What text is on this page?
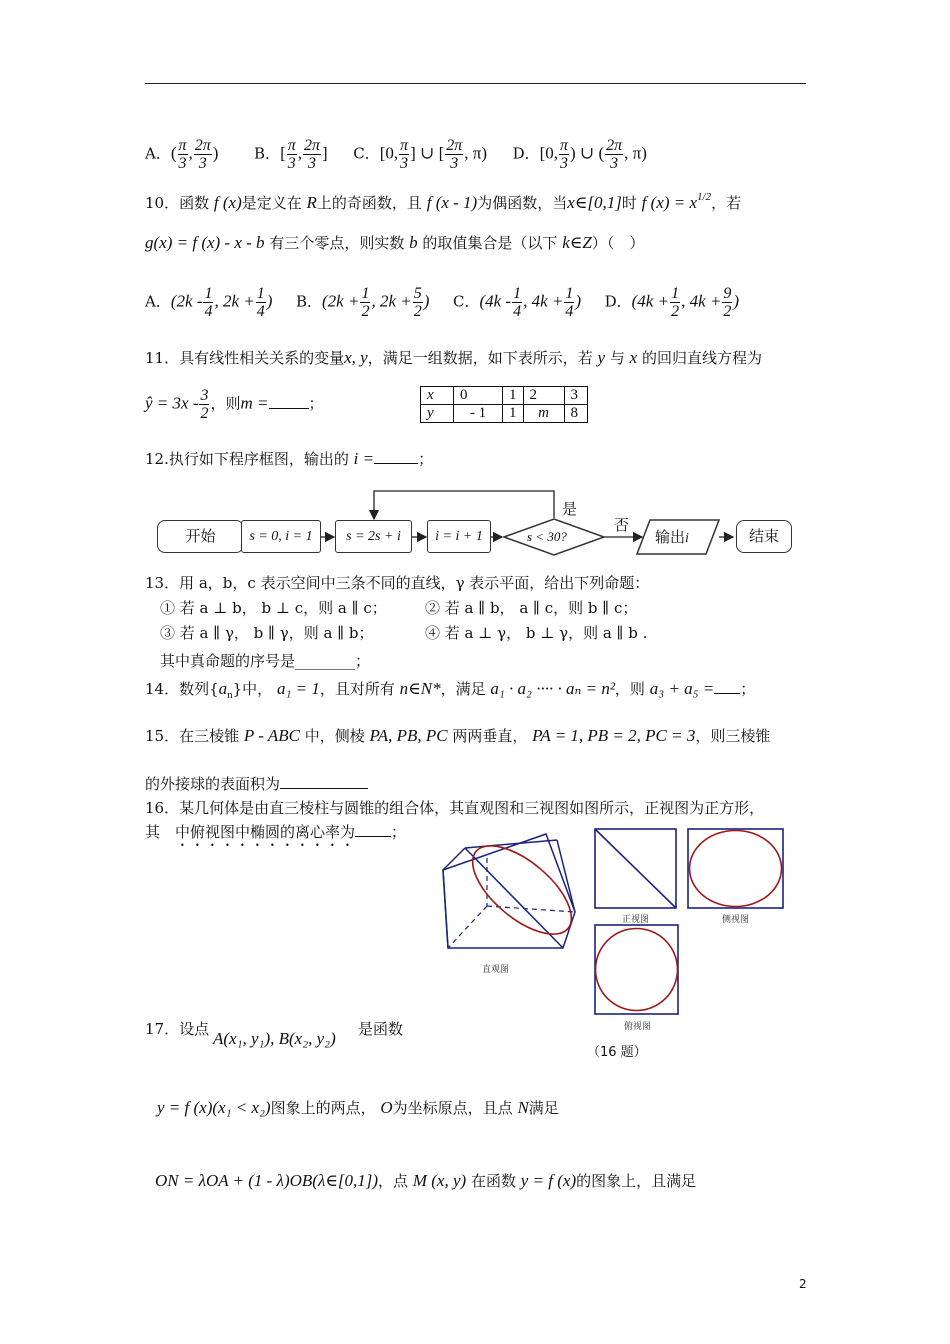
A．( $\frac{\pi}{3}$ , $\frac{2\pi}{3}$ ) B．[ $\frac{\pi}{3}$ , $\frac{2\pi}{3}$ ] C．[0, $\frac{\pi}{3}$ ] ∪ [ $\frac{2\pi}{3}$ , π) D．[0, $\frac{\pi}{3}$ ) ∪ ( $\frac{2\pi}{3}$ , π)
10．函数 f (x)是定义在 R上的奇函数，且 f (x - 1)为偶函数，当x∈[0,1]时 f $(x) = x^{1/2}$，若
g(x) = f (x) - x - b 有三个零点，则实数 b 的取值集合是（以下 k∈Z）（　）
A．($2k - \frac{1}{4}$ , $2k + \frac{1}{4}$ ) B．($2k + \frac{1}{2}$ , $2k + \frac{5}{2}$ ) C．($4k - \frac{1}{4}$ , $4k + \frac{1}{4}$ ) D．($4k + \frac{1}{2}$ , $4k + \frac{9}{2}$ )
11．具有线性相关关系的变量x, y，满足一组数据，如下表所示，若 y 与 x 的回归直线方程为
ŷ = $3x - \frac{3}{2}$ ，则m =	；	x	0	1	2	3
y	- 1	1	m	8
12.执行如下程序框图，输出的 i =	；
开始	s = 0, i = 1	s = 2s + i	i = i + 1	s < 30?
是
否
输出i	结束
13．用 a，b，c 表示空间中三条不同的直线，γ 表示平面，给出下列命题：
① 若 a ⊥ b， b ⊥ c，则 a ∥ c；	② 若 a ∥ b， a ∥ c，则 b ∥ c；
③ 若 a ∥ γ， b ∥ γ，则 a ∥ b；	④ 若 a ⊥ γ， b ⊥ γ，则 a ∥ b .
其中真命题的序号是________；
14．数列$\{a_n\}$中， a₁ = 1，且对所有 n∈N*，满足 a₁ · a₂ ···· · aₙ = n²，则 a₃ + a₅ = ；
15．在三棱锥 P - ABC 中，侧棱 PA, PB, PC 两两垂直， PA = 1, PB = 2, PC = 3，则三棱锥
的外接球的表面积为
16．某几何体是由直三棱柱与圆锥的组合体，其直观图和三视图如图所示，正视图为正方形，
其　 中俯视图中椭圆的离心率为 ；
直观图
正视图	侧视图
俯视图
（16 题）
17．设点 A(x₁, y₁), B(x₂, y₂) 是函数
y = f (x)(x₁ < x₂)图象上的两点， O为坐标原点，且点 N满足
ON = λOA + (1 - λ)OB(λ∈[0,1])，点 M (x, y) 在函数 y = f (x)的图象上，且满足
2
